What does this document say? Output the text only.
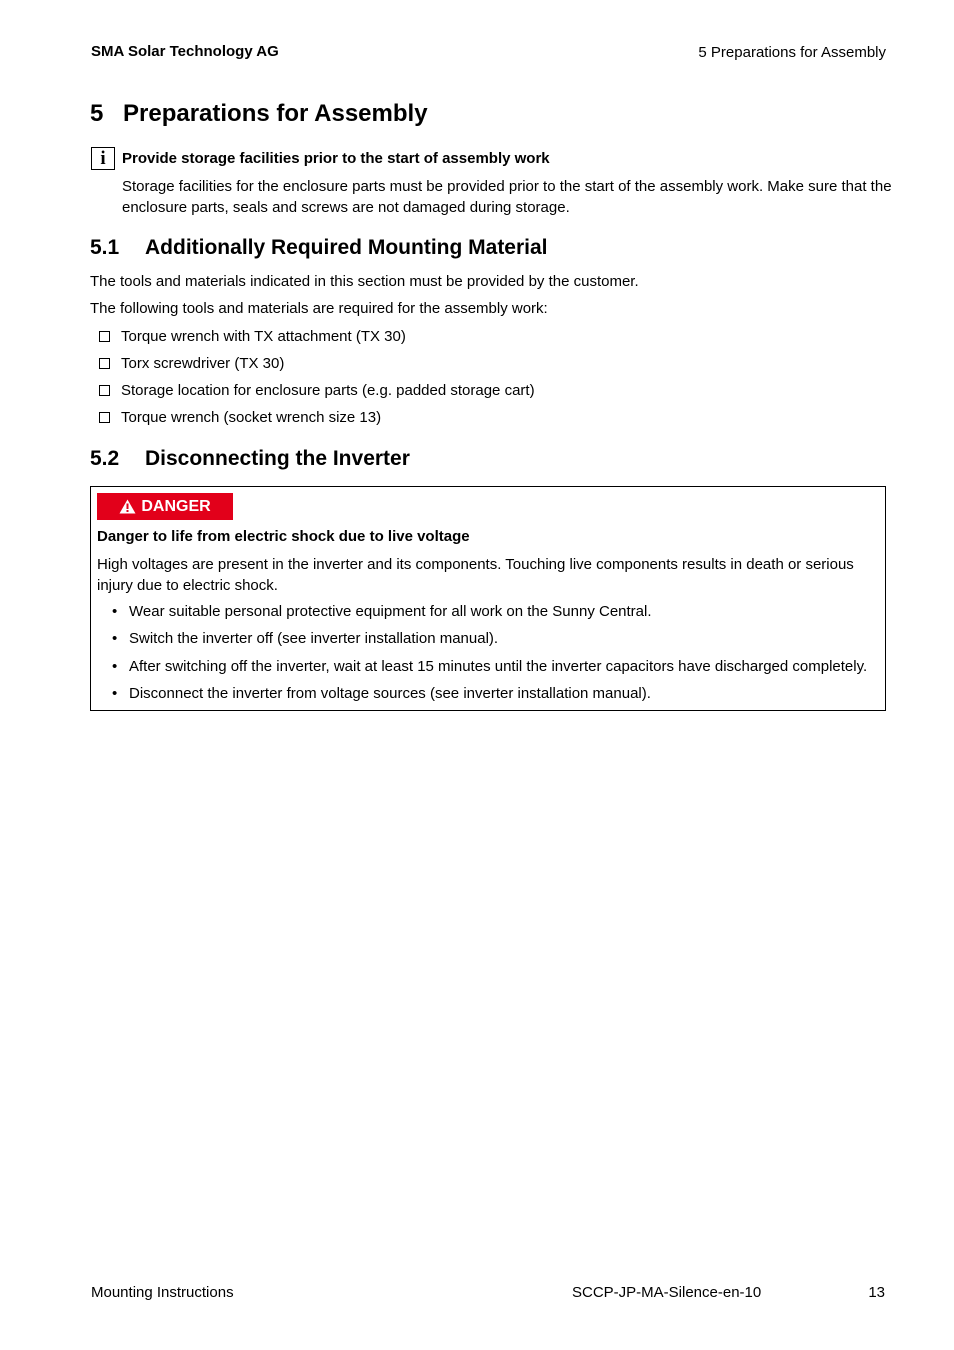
SMA Solar Technology AG	5 Preparations for Assembly
5 Preparations for Assembly
i	Provide storage facilities prior to the start of assembly work
Storage facilities for the enclosure parts must be provided prior to the start of the assembly work. Make sure that the enclosure parts, seals and screws are not damaged during storage.
5.1 Additionally Required Mounting Material
The tools and materials indicated in this section must be provided by the customer.
The following tools and materials are required for the assembly work:
Torque wrench with TX attachment (TX 30)
Torx screwdriver (TX 30)
Storage location for enclosure parts (e.g. padded storage cart)
Torque wrench (socket wrench size 13)
5.2 Disconnecting the Inverter
DANGER
Danger to life from electric shock due to live voltage
High voltages are present in the inverter and its components. Touching live components results in death or serious injury due to electric shock.
• Wear suitable personal protective equipment for all work on the Sunny Central.
• Switch the inverter off (see inverter installation manual).
• After switching off the inverter, wait at least 15 minutes until the inverter capacitors have discharged completely.
• Disconnect the inverter from voltage sources (see inverter installation manual).
Mounting Instructions	SCCP-JP-MA-Silence-en-10	13
